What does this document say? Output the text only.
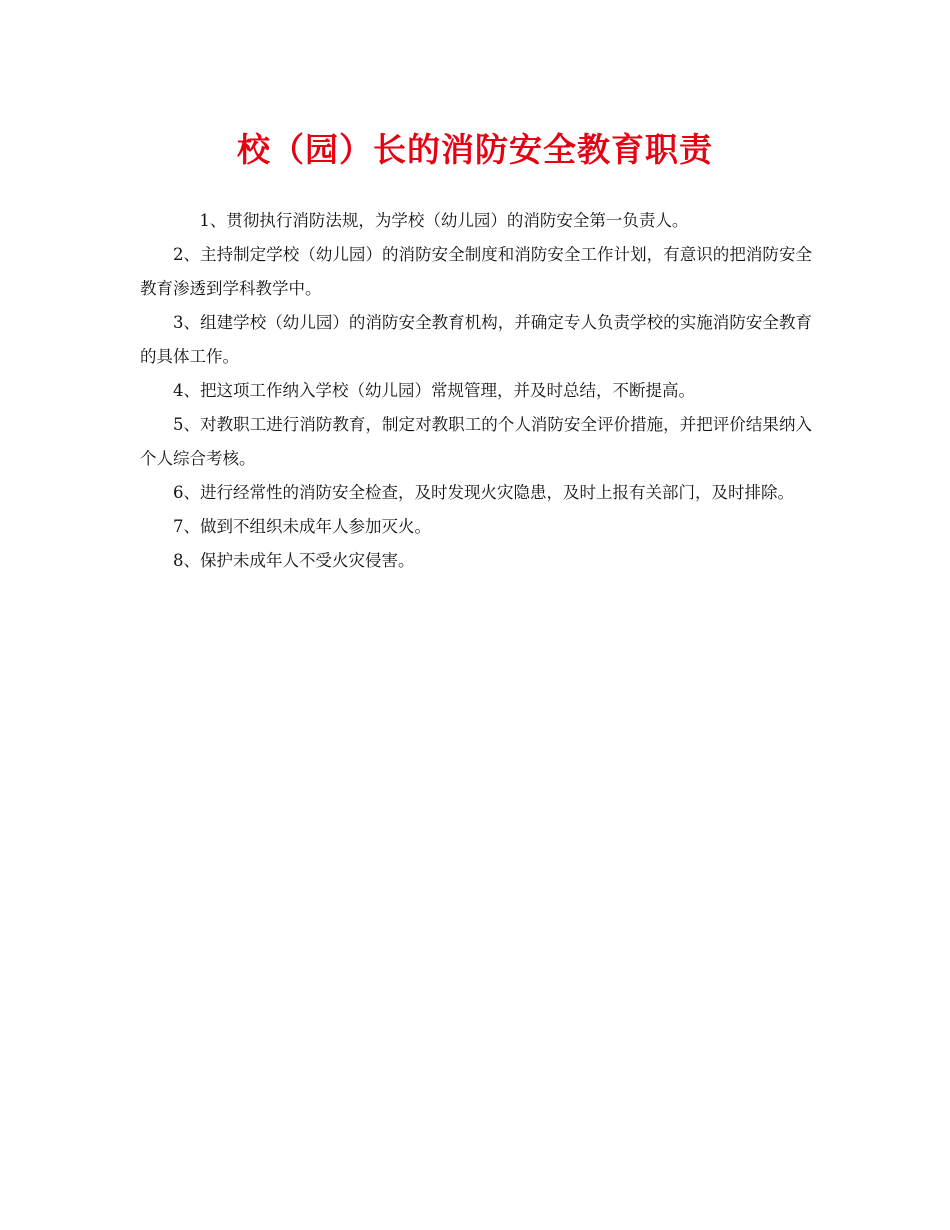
校（园）长的消防安全教育职责

1、贯彻执行消防法规，为学校（幼儿园）的消防安全第一负责人。

2、主持制定学校（幼儿园）的消防安全制度和消防安全工作计划，有意识的把消防安全教育渗透到学科教学中。

3、组建学校（幼儿园）的消防安全教育机构，并确定专人负责学校的实施消防安全教育的具体工作。

4、把这项工作纳入学校（幼儿园）常规管理，并及时总结，不断提高。

5、对教职工进行消防教育，制定对教职工的个人消防安全评价措施，并把评价结果纳入个人综合考核。

6、进行经常性的消防安全检查，及时发现火灾隐患，及时上报有关部门，及时排除。

7、做到不组织未成年人参加灭火。

8、保护未成年人不受火灾侵害。
